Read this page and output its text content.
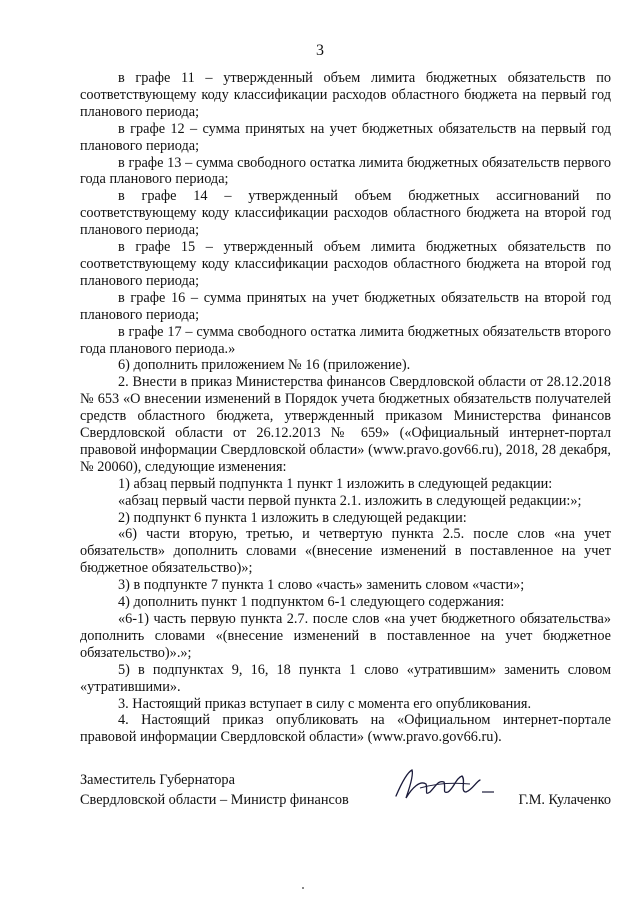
3

в графе 11 – утвержденный объем лимита бюджетных обязательств по соответствующему коду классификации расходов областного бюджета на первый год планового периода;

в графе 12 – сумма принятых на учет бюджетных обязательств на первый год планового периода;

в графе 13 – сумма свободного остатка лимита бюджетных обязательств первого года планового периода;

в графе 14 – утвержденный объем бюджетных ассигнований по соответствующему коду классификации расходов областного бюджета на второй год планового периода;

в графе 15 – утвержденный объем лимита бюджетных обязательств по соответствующему коду классификации расходов областного бюджета на второй год планового периода;

в графе 16 – сумма принятых на учет бюджетных обязательств на второй год планового периода;

в графе 17 – сумма свободного остатка лимита бюджетных обязательств второго года планового периода.»

6) дополнить приложением № 16 (приложение).

2. Внести в приказ Министерства финансов Свердловской области от 28.12.2018 № 653 «О внесении изменений в Порядок учета бюджетных обязательств получателей средств областного бюджета, утвержденный приказом Министерства финансов Свердловской области от 26.12.2013 № 659» («Официальный интернет-портал правовой информации Свердловской области» (www.pravo.gov66.ru), 2018, 28 декабря, № 20060), следующие изменения:

1) абзац первый подпункта 1 пункт 1 изложить в следующей редакции:

«абзац первый части первой пункта 2.1. изложить в следующей редакции:»;

2) подпункт 6 пункта 1 изложить в следующей редакции:

«6) части вторую, третью, и четвертую пункта 2.5. после слов «на учет обязательств» дополнить словами «(внесение изменений в поставленное на учет бюджетное обязательство)»;

3) в подпункте 7 пункта 1 слово «часть» заменить словом «части»;

4) дополнить пункт 1 подпунктом 6-1 следующего содержания:

«6-1) часть первую пункта 2.7. после слов «на учет бюджетного обязательства» дополнить словами «(внесение изменений в поставленное на учет бюджетное обязательство)».»;

5) в подпунктах 9, 16, 18 пункта 1 слово «утратившим» заменить словом «утратившими».

3. Настоящий приказ вступает в силу с момента его опубликования.

4. Настоящий приказ опубликовать на «Официальном интернет-портале правовой информации Свердловской области» (www.pravo.gov66.ru).

Заместитель Губернатора
Свердловской области – Министр финансов	Г.М. Кулаченко
